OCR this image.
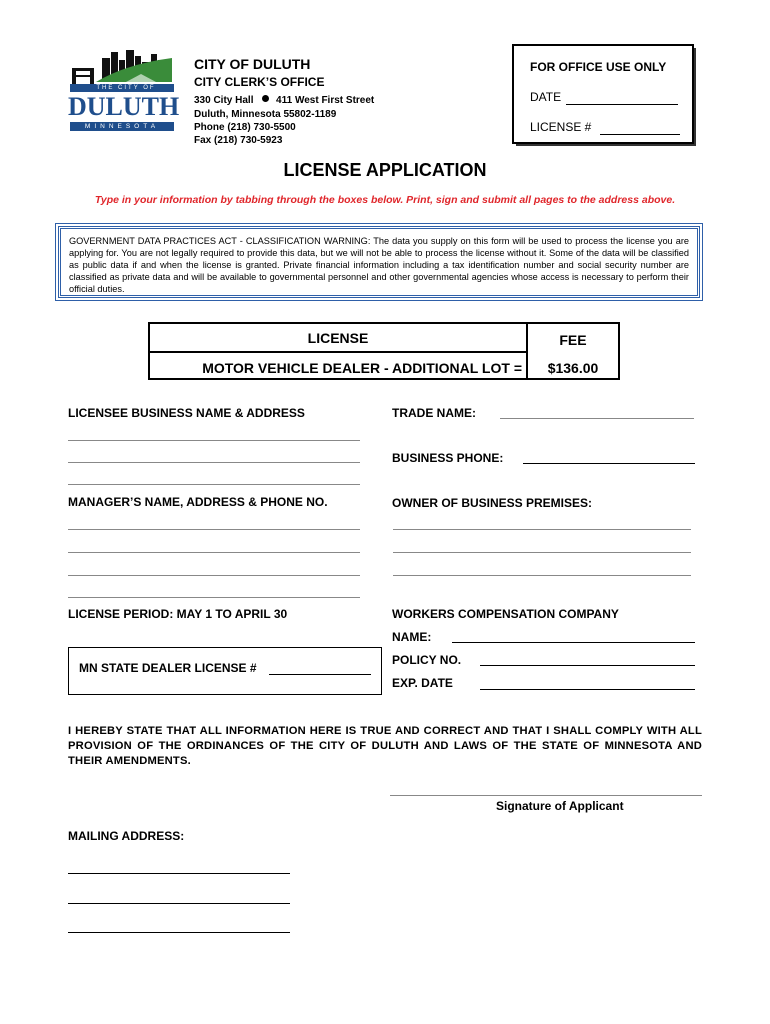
THE CITY OF
DULUTH
MINNESOTA
CITY OF DULUTH
CITY CLERK’S OFFICE
330 City Hall 411 West First Street
Duluth, Minnesota 55802-1189
Phone (218) 730-5500
Fax (218) 730-5923
FOR OFFICE USE ONLY
DATE
LICENSE #
LICENSE APPLICATION
Type in your information by tabbing through the boxes below. Print, sign and submit all pages to the address above.
GOVERNMENT DATA PRACTICES ACT - CLASSIFICATION WARNING: The data you supply on this form will be used to process the license you are applying for. You are not legally required to provide this data, but we will not be able to process the license without it. Some of the data will be classified as public data if and when the license is granted. Private financial information including a tax identification number and social security number are classified as private data and will be available to governmental personnel and other governmental agencies whose access is necessary to perform their official duties.
LICENSE	FEE
MOTOR VEHICLE DEALER - ADDITIONAL LOT =	$136.00
LICENSEE BUSINESS NAME & ADDRESS
MANAGER’S NAME, ADDRESS & PHONE NO.
LICENSE PERIOD: MAY 1 TO APRIL 30
MN STATE DEALER LICENSE #
TRADE NAME:
BUSINESS PHONE:
OWNER OF BUSINESS PREMISES:
WORKERS COMPENSATION COMPANY
NAME:
POLICY NO.
EXP. DATE
I HEREBY STATE THAT ALL INFORMATION HERE IS TRUE AND CORRECT AND THAT I SHALL COMPLY WITH ALL PROVISION OF THE ORDINANCES OF THE CITY OF DULUTH AND LAWS OF THE STATE OF MINNESOTA AND THEIR AMENDMENTS.
Signature of Applicant
MAILING ADDRESS:
